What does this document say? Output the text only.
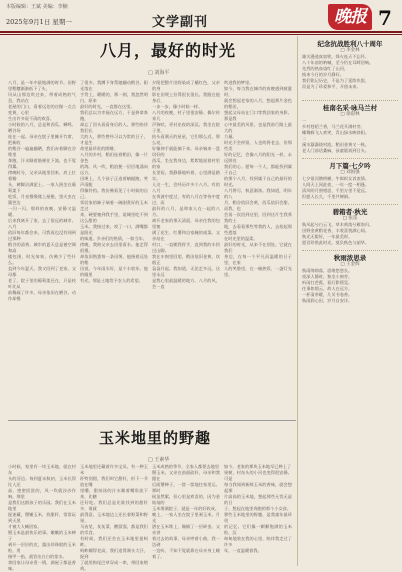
本版编辑：王斌 美编：李楠
2025年9月1日 星期一	文学副刊	晚报 7
八月，最好的时光
□ 刘海平
八月，是一年中最饱满的时节。田野里稻穗渐渐低下了头，
风从山那边吹过来，带着成熟的气息，我站在
老屋的门口，看着远处的庄稼一点点变黄，心里
生出许多说不清的欢喜。
小时候的八月，总是和西瓜、蝉鸣、晒谷场
连在一起。母亲在院子里摊开竹席，把新收
的稻谷一遍遍翻晒，我们赤着脚在谷堆里
奔跑，汗水顺着脸颊往下淌，也不觉得累。
傍晚时分，父亲从地里回来，肩上扛着锄
头，裤脚沾满泥土。一家人围坐在葡萄架下
吃饭，月亮慢慢爬上屋檐，萤火虫在篱笆边
一闪一闪。那样的夜晚，安静又温暖。
后来我离开了家，去了很远的城市。八月
依旧每年都会来，可我再也没有闻到过那种
稻谷的清香。城市的夏天总是被空调和高
楼包围，时光匆匆，仿佛少了些什么。
直到今年夏天，我又回到了老家。父母都
老了，院子里的葡萄架还在，只是枝叶比从
前稀疏了许多。母亲依旧在晒谷，动作却慢
了很多。我蹲下身帮她翻动稻谷，阳光落在
手背上，暖暖的，那一刻，我忽然明白，原来
最好的时光，一直都在这里。
我们总以为幸福在远方，于是拼命奔跑，
却忘了回头看看身后的人。那些陪伴我们长
大的人，那些曾经习以为常的日子，才是生
命里最珍贵的馈赠。
八月的乡村，稻田连着稻田，像一片金色
的海。风一吹，稻浪便一层层地涌向远方。
田埂上，几个孩子正追着蜻蜓跑，笑声清脆
得像铃铛。我仿佛看见了小时候的自己。
邻居家的婶子端着一碗刚煮好的玉米走过
来，硬要塞到我手里，说城里吃不到这么甜的
玉米。我接过来，咬了一口，满嘴都是阳光
的味道。乡亲们的热情，一如当年。
傍晚，我陪父亲去田里看水。他走得很慢，
却依旧熟悉每一条田埂。他指着远处的稻
田说，今年雨水好，是个丰收年。他的眼里
有光，那是土地给予农人的希望。
夕阳把整片田野染成了橘红色，父亲的身
影在田埂上拉得很长很长。我跟在他身后，
一步一步，像小时候一样。
八月的夜晚，村子里很安静。偶尔传来几
声狗吠，更衬出夜的深沉。我坐在院子里，
抬头看满天的星星，它们那么近，那么亮，
好像伸手就能摘下来。母亲端来一盘切好的
西瓜，坐在我身边，絮絮地说着村里的家
长里短。我静静地听着，心里满是踏实。
人这一生，会经历许多个八月。有的八月
在奔波中度过，有的八月在等待中度过，而
最好的八月，是和家人在一起的八月。
离开老家的那天清晨，母亲往我的包里塞
满了花生、红薯和自家腌的咸菜。父亲站在
村口，一直朝我挥手，直到我的车拐过山脚。
我在车窗里回望，稻田依旧金黄，炊烟正
袅袅升起。我知道，无论走多远，这里永远
是我心里最温暖的地方。八月的风，会一直
吹进我的梦里。
如今，每当我在城市的夜晚感到疲惫时，
就会想起老家的八月，想起那片金色的稻田，
想起父母站在门口等我回家的身影。那是我
心中最美的风景，也是我前行路上最大的
力量。
时光不会停留，人也终将老去，但那些美
好的记忆，会像八月的阳光一样，永远照亮
我们的心。愿每一个人，都能找到属于自己
的那个八月，找到属于自己的最好的时光。
八月将尽，秋意渐浓。我知道，明年的八
月，稻谷依旧会黄，西瓜依旧会甜，而我，也
会再一次回到这里，回到这片生我养我的土
地，去看看那些等我的人，去拾起那些遗落
在时光里的温柔。
最好的时光，从来不在别处。它就在我们
身边，在每一个平凡而温暖的日子里，在家
人的笑脸里，在一碗热饭、一盏灯光里。
玉米地里的野趣
□ 王素华
小时候，家里有一块玉米地，就在村东
头的河边。每到夏末秋初，玉米长得比人还
高，密密匝匝的，风一吹就沙沙作响。那里
是我们这群孩子的乐园。我们在玉米地里
捉迷藏，掰嫩玉米，找甜秆，常常玩到天黑
才被大人喊回家。
掰玉米是最快乐的事。嫩嫩的玉米棒子
剥开一层层的皮，露出珍珠般的玉米粒，用
指甲一掐，就冒出白白的浆水。
拿回家让母亲煮一锅，满屋子都是香味。
玉米地里还藏着许多宝贝。有一种玉米
秆特别甜，我们叫它甜秆，折下一节放在嘴
里嚼，甜丝丝的汁水顺着嘴角流下来，比糖
还好吃。我们总是比谁找到的甜秆多，谁就
最得意。玉米地边上还长着野菜和野果，
马齿苋、灰灰菜、酸溜溜，都是我们的零食。
有时候，我们还会在玉米地里捉蚂蚱。
蚂蚱蹦得老高，我们追得满头大汗，捉到
了就用狗尾巴草穿成一串，带回家喂鸡。
玉米成熟的季节，全家人都要去地里
掰玉米。父亲在前面砍秆，母亲和我跟在
后面掰棒子，一筐一筐地往家里运。那时
候虽然累，但心里是欢喜的，因为金灿灿的
玉米堆满院子，就是一年的好收成。
晚上，一家人坐在院子里剥玉米，月光
洒在玉米堆上，像铺了一层碎金。父亲讲
着过去的故事，母亲哼着小曲，我一边剥
一边听，不知不觉就靠在母亲身上睡着了。
如今，老家的那块玉米地早已种上了
果树，村东头的小河也变得很安静。可是
每当我闻到新鲜玉米的香味，就会想起那
片高高的玉米地，想起那些无忧无虑的日
子，想起在地里奔跑的那个小女孩。
那些玉米地里的野趣，是我童年最珍贵
的记忆。它们像一颗颗饱满的玉米粒，沉
甸甸地装在我的心里，陪伴我走过了许多
年，一直温暖着我。
纪念抗战胜利八十周年
□ 李金林
雄关漫道真如铁，烽火连天不忘怀。
八十年前的呐喊，至今仍在耳畔回响。
先烈的热血染红了山河，
换来今日的岁月静好。
我们铭记历史，不是为了延续仇恨，
而是为了珍爱和平，开创未来。
桂南名采·咏马兰村
□ 徐彩林
一
乡村巷陌兰香，马兰花开满村旁。
蝶舞蜂飞人欢笑，青山绿水映斜阳。
二
溪水潺潺绕村流，稻田金黄又一秋。
老人门前话桑麻，孩童嬉戏到日头。
月下篇·七夕吟
□ 刘国强
七夕银河鹊桥横，牛郎织女诉衷情。
人间天上同此夜，一年一度一相逢。
清风明月照相思，千里万里不觉远。
但愿人长久，千里共婵娟。
碧箱者·秋光
□ 张雷
秋风起兮白云飞，草木黄落兮雁南归。
田野金黄稻花香，丰收喜悦满心间。
秋光无限好，一年最美时。
愿君珍惜此时光，莫负秋色与韶华。
秋雨浓思录
□ 王金辉
秋雨绵绵落，思绪悠悠长。
夜深人静时，独坐小窗旁。
听雨打芭蕉，看灯影摇晃。
往事如烟云，故人在远方。
一杯清茶暖，几页书卷香。
秋雨润心田，岁月自安详。
